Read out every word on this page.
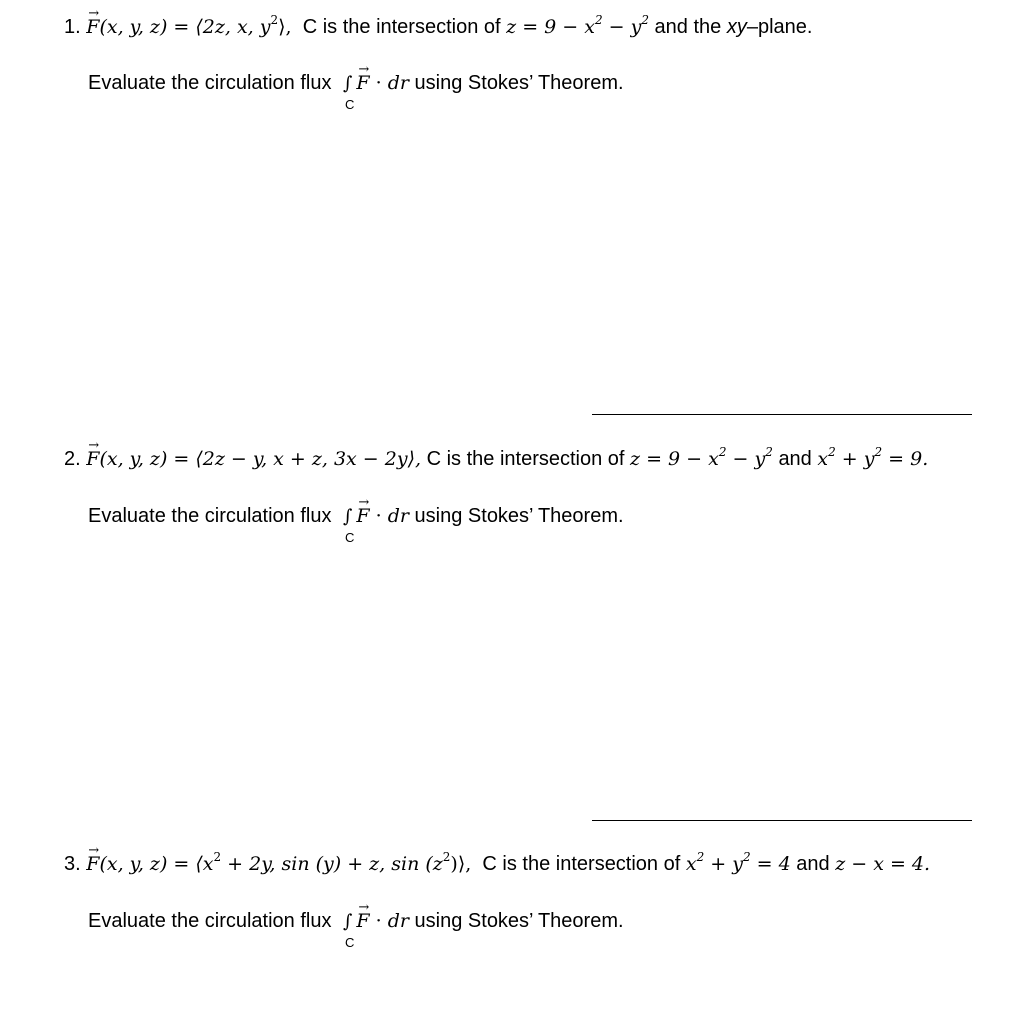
1. → F(x, y, z) = ⟨2z, x, $y^2⟩$, C is the intersection of $z = 9 - x^2 - y^2$ and the xy–plane.
Evaluate the circulation flux ∫
C
→ F · dr using Stokes’ Theorem.
2. → F(x, y, z) = ⟨2z − y, x + z, 3x − 2y⟩, C is the intersection of $z = 9 - x^2 - y^2$ and $x^2 + y^2 = 9$.
Evaluate the circulation flux ∫
C
→ F · dr using Stokes’ Theorem.
3. → F(x, y, $z) = ⟨x^2 + 2y$, sin (y) + z, $\sin (z^2)⟩$, C is the intersection of $x^2 + y^2 = 4$ and z − x = 4.
Evaluate the circulation flux ∫
C
→ F · dr using Stokes’ Theorem.
